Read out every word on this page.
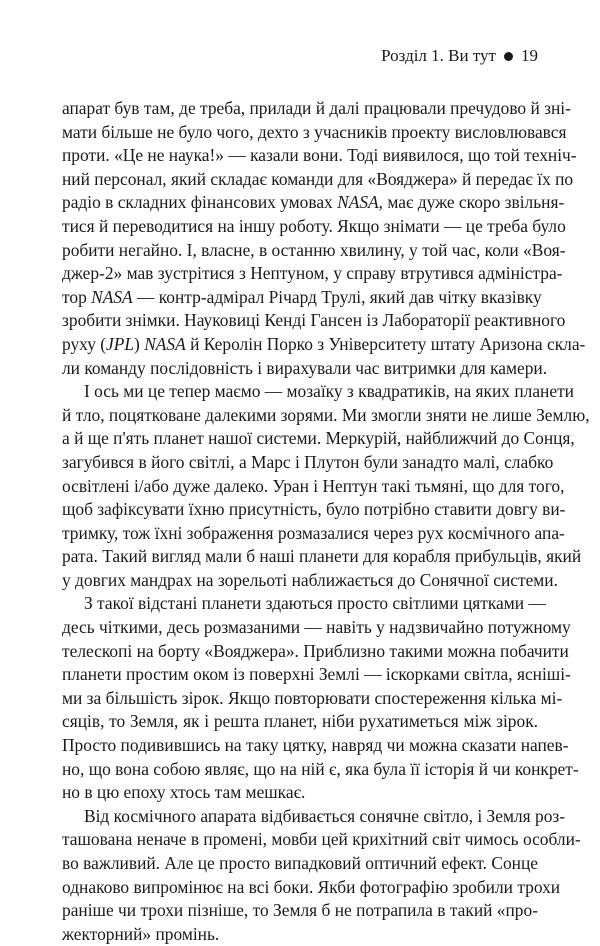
Розділ 1. Ви тут 19

апарат був там, де треба, прилади й далі працювали пречудово й зні-
мати більше не було чого, дехто з учасників проекту висловлювався
проти. «Це не наука!» — казали вони. Тоді виявилося, що той технiч-
ний персонал, який складає команди для «Вояджера» й передає їх по
радіо в складних фінансових умовах NASA, має дуже скоро звільня-
тися й переводитися на іншу роботу. Якщо знімати — це треба було
робити негайно. І, власне, в останню хвилину, у той час, коли «Воя-
джер-2» мав зустрітися з Нептуном, у справу втрутився адміністра-
тор NASA — контр-адмірал Річард Трулі, який дав чітку вказівку
зробити знімки. Науковиці Кенді Гансен із Лабораторії реактивного
руху (JPL) NASA й Керолін Порко з Університету штату Аризона скла-
ли команду послідовність і вирахували час витримки для камери.

І ось ми це тепер маємо — мозаїку з квадратиків, на яких планети
й тло, поцятковане далекими зорями. Ми змогли зняти не лише Землю,
а й ще п'ять планет нашої системи. Меркурій, найближчий до Сонця,
загубився в його світлі, а Марс і Плутон були занадто малі, слабко
освітлені і/або дуже далеко. Уран і Нептун такі тьмяні, що для того,
щоб зафіксувати їхню присутність, було потрібно ставити довгу ви-
тримку, тож їхні зображення розмазалися через рух космічного апа-
рата. Такий вигляд мали б наші планети для корабля прибульців, який
у довгих мандрах на зорельоті наближається до Сонячної системи.

З такої відстані планети здаються просто світлими цятками —
десь чіткими, десь розмазаними — навіть у надзвичайно потужному
телескопі на борту «Вояджера». Приблизно такими можна побачити
планети простим оком із поверхні Землі — іскорками світла, яснішi-
ми за більшість зірок. Якщо повторювати спостереження кілька мі-
сяців, то Земля, як і решта планет, ніби рухатиметься між зірок.
Просто подивившись на таку цятку, навряд чи можна сказати напев-
но, що вона собою являє, що на ній є, яка була її історія й чи конкрет-
но в цю епоху хтось там мешкає.

Від космічного апарата відбивається сонячне світло, і Земля роз-
ташована неначе в промені, мовби цей крихітний світ чимось особли-
во важливий. Але це просто випадковий оптичний ефект. Сонце
однаково випромінює на всі боки. Якби фотографію зробили трохи
раніше чи трохи пізніше, то Земля б не потрапила в такий «про-
жекторний» промінь.
